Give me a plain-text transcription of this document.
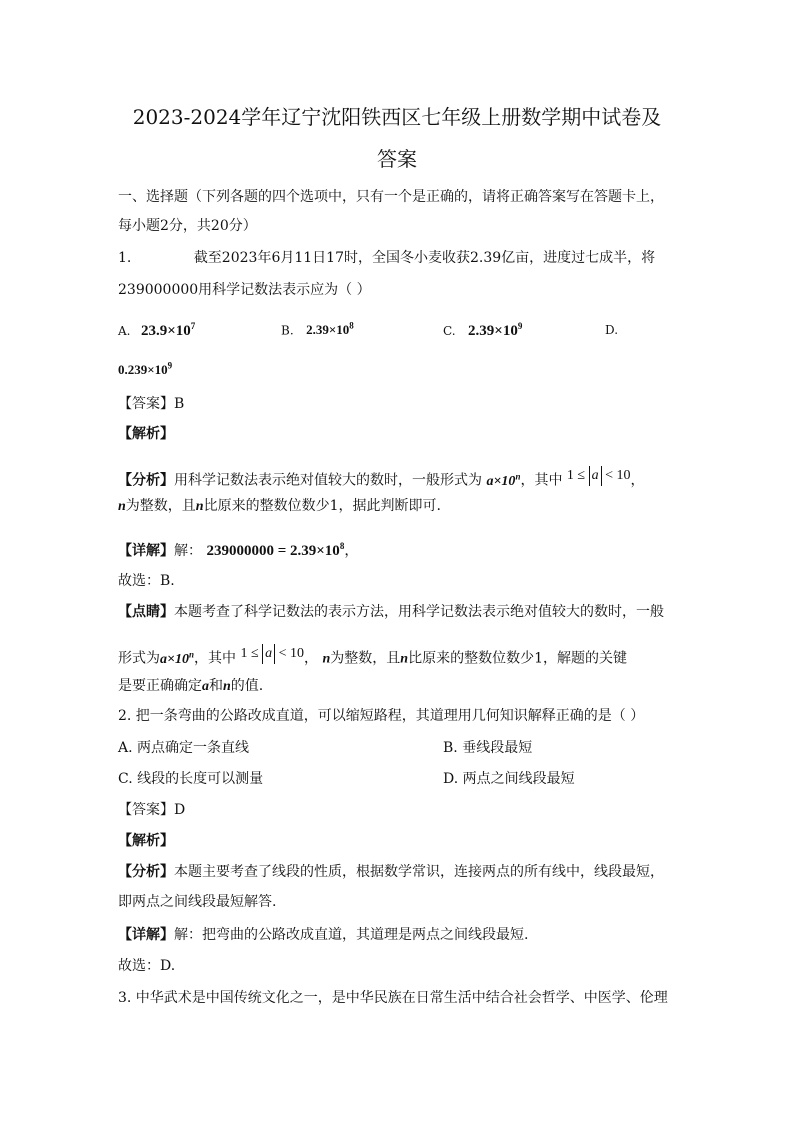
2023-2024学年辽宁沈阳铁西区七年级上册数学期中试卷及
答案
一、选择题（下列各题的四个选项中，只有一个是正确的，请将正确答案写在答题卡上，
每小题2分，共20分）
1.	截至2023年6月11日17时，全国冬小麦收获2.39亿亩，进度过七成半，将
239000000用科学记数法表示应为（ ）
A. $23.9\times 10^7$	B. $2.39\times 10^8$	C. $2.39\times 10^9$	D.
$0.239\times 10^9$
【答案】B
【解析】
【分析】用科学记数法表示绝对值较大的数时，一般形式为 $a\times 10^n$，其中 1 ≤ a < 10，
n为整数，且n比原来的整数位数少1，据此判断即可.
【详解】解： $239000000 = 2.39\times 10^8$，
故选：B.
【点睛】本题考查了科学记数法的表示方法，用科学记数法表示绝对值较大的数时，一般
形式为$a\times 10^n$，其中 1 ≤ a < 10， n为整数，且n比原来的整数位数少1，解题的关键
是要正确确定a和n的值.
2. 把一条弯曲的公路改成直道，可以缩短路程，其道理用几何知识解释正确的是（ ）
A. 两点确定一条直线	B. 垂线段最短
C. 线段的长度可以测量	D. 两点之间线段最短
【答案】D
【解析】
【分析】本题主要考查了线段的性质，根据数学常识，连接两点的所有线中，线段最短，
即两点之间线段最短解答.
【详解】解：把弯曲的公路改成直道，其道理是两点之间线段最短.
故选：D.
3. 中华武术是中国传统文化之一，是中华民族在日常生活中结合社会哲学、中医学、伦理
